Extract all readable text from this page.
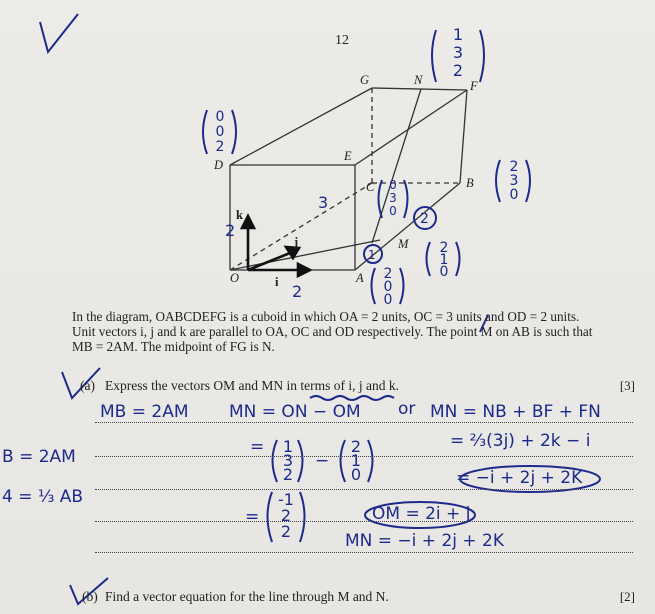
G	N	F
D
E
C	B
O	A
M
k
j
i
12	1
3
2
0
0
2
2
3
0
0
3
0
2
0
0
2
1
0
2
1
2
3
2
In the diagram, OABCDEFG is a cuboid in which OA = 2 units, OC = 3 units and OD = 2 units.
Unit vectors i, j and k are parallel to OA, OC and OD respectively. The point M on AB is such that
MB = 2AM. The midpoint of FG is N.
(a) Express the vectors OM and MN in terms of i, j and k.	[3]
MB = 2AM MN = ON − OM or MN = NB + BF + FN
B = 2AM
4 = ⅓ AB
= 1
3
2
−
2
1
0
= ⅔(3j) + 2k − i
= −i + 2j + 2K
=
-1
2
2
OM = 2i + j
MN = −i + 2j + 2K
(b) Find a vector equation for the line through M and N.	[2]
